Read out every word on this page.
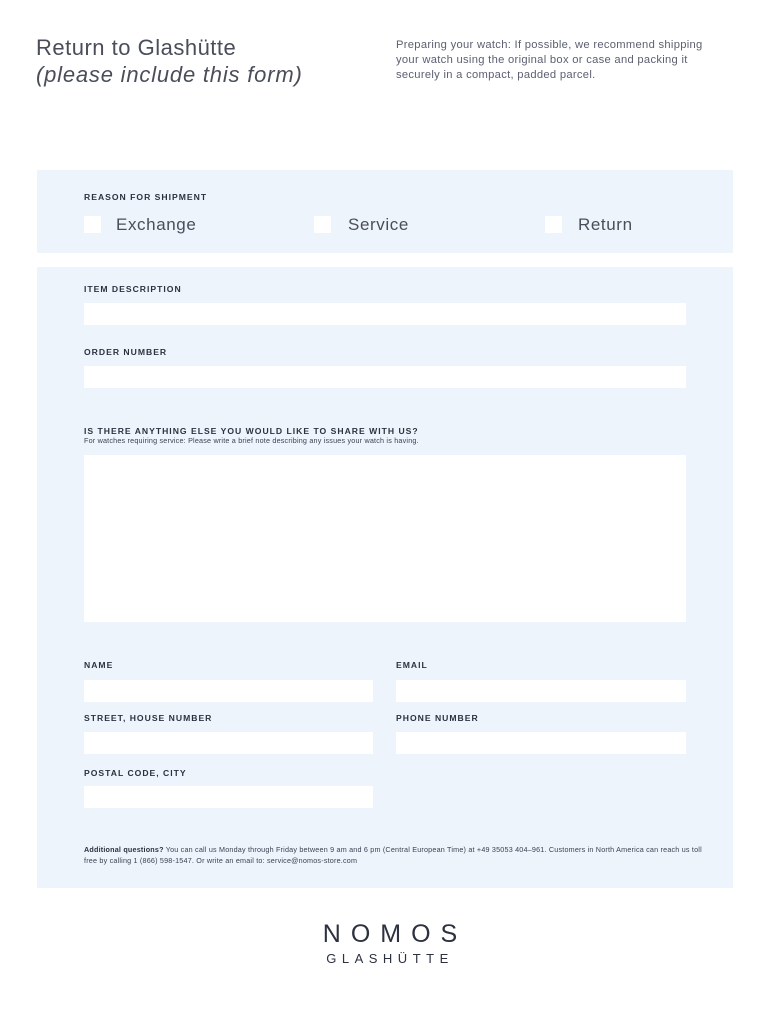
Return to Glashütte
(please include this form)
Preparing your watch: If possible, we recommend shipping your watch using the original box or case and packing it securely in a compact, padded parcel.
REASON FOR SHIPMENT
Exchange	Service	Return
ITEM DESCRIPTION
ORDER NUMBER
IS THERE ANYTHING ELSE YOU WOULD LIKE TO SHARE WITH US?
For watches requiring service: Please write a brief note describing any issues your watch is having.
NAME	EMAIL
STREET, HOUSE NUMBER	PHONE NUMBER
POSTAL CODE, CITY
Additional questions? You can call us Monday through Friday between 9 am and 6 pm (Central European Time) at +49 35053 404–961. Customers in North America can reach us toll free by calling 1 (866) 598-1547. Or write an email to: service@nomos-store.com
NOMOS
GLASHÜTTE
